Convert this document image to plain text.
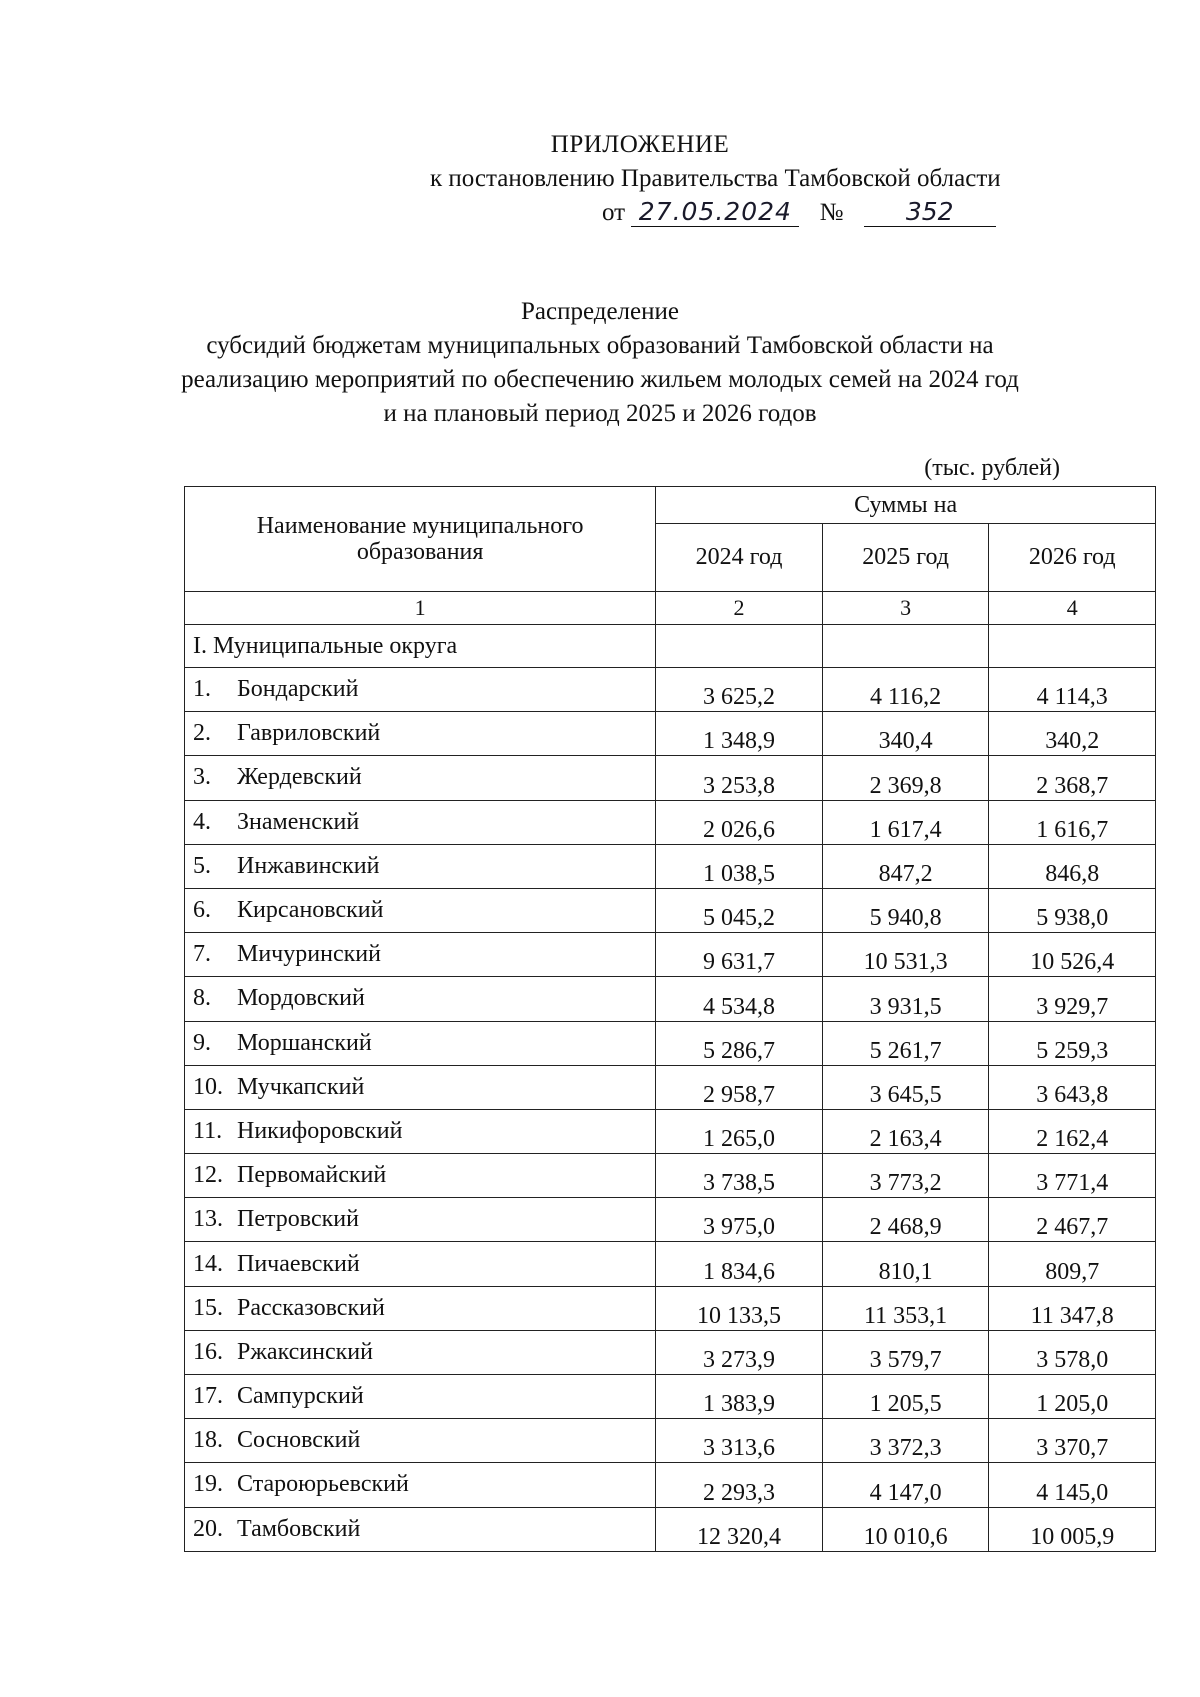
ПРИЛОЖЕНИЕ
к постановлению Правительства Тамбовской области
от 27.05.2024 № 352
Распределение
субсидий бюджетам муниципальных образований Тамбовской области на
реализацию мероприятий по обеспечению жильем молодых семей на 2024 год
и на плановый период 2025 и 2026 годов
(тыс. рублей)
Наименование муниципального образования	Суммы на		
	2024 год	2025 год	2026 год
1	2	3	4
I. Муниципальные округа			
1. Бондарский	3 625,2	4 116,2	4 114,3
2. Гавриловский	1 348,9	340,4	340,2
3. Жердевский	3 253,8	2 369,8	2 368,7
4. Знаменский	2 026,6	1 617,4	1 616,7
5. Инжавинский	1 038,5	847,2	846,8
6. Кирсановский	5 045,2	5 940,8	5 938,0
7. Мичуринский	9 631,7	10 531,3	10 526,4
8. Мордовский	4 534,8	3 931,5	3 929,7
9. Моршанский	5 286,7	5 261,7	5 259,3
10. Мучкапский	2 958,7	3 645,5	3 643,8
11. Никифоровский	1 265,0	2 163,4	2 162,4
12. Первомайский	3 738,5	3 773,2	3 771,4
13. Петровский	3 975,0	2 468,9	2 467,7
14. Пичаевский	1 834,6	810,1	809,7
15. Рассказовский	10 133,5	11 353,1	11 347,8
16. Ржаксинский	3 273,9	3 579,7	3 578,0
17. Сампурский	1 383,9	1 205,5	1 205,0
18. Сосновский	3 313,6	3 372,3	3 370,7
19. Староюрьевский	2 293,3	4 147,0	4 145,0
20. Тамбовский	12 320,4	10 010,6	10 005,9
